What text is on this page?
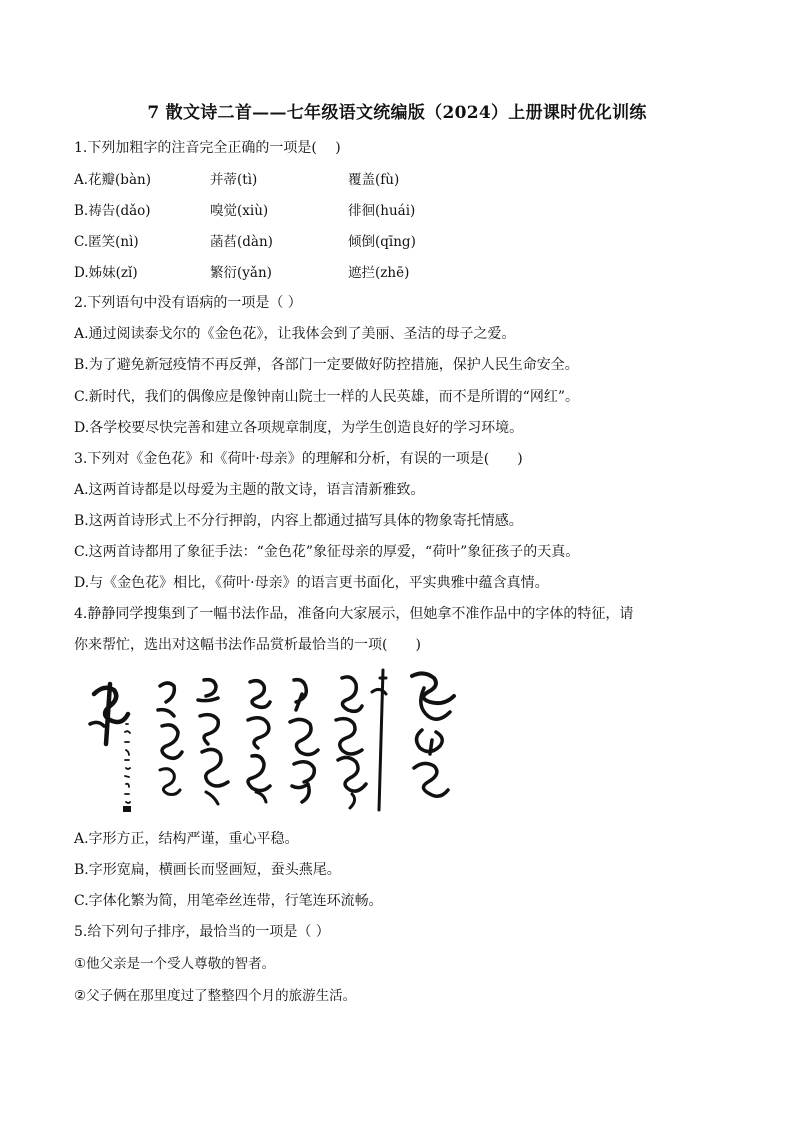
7 散文诗二首——七年级语文统编版（2024）上册课时优化训练
1.下列加粗字的注音完全正确的一项是(　 )
A.花瓣(bàn)	并蒂(tì)	覆盖(fù)
B.祷告(dǎo)	嗅觉(xiù)	徘徊(huái)
C.匿笑(nì)	菡萏(dàn)	倾倒(qīng)
D.姊妹(zǐ)	繁衍(yǎn)	遮拦(zhē)
2.下列语句中没有语病的一项是（ ）
A.通过阅读泰戈尔的《金色花》，让我体会到了美丽、圣洁的母子之爱。
B.为了避免新冠疫情不再反弹，各部门一定要做好防控措施，保护人民生命安全。
C.新时代，我们的偶像应是像钟南山院士一样的人民英雄，而不是所谓的“网红”。
D.各学校要尽快完善和建立各项规章制度，为学生创造良好的学习环境。
3.下列对《金色花》和《荷叶·母亲》的理解和分析，有误的一项是(　　)
A.这两首诗都是以母爱为主题的散文诗，语言清新雅致。
B.这两首诗形式上不分行押韵，内容上都通过描写具体的物象寄托情感。
C.这两首诗都用了象征手法：“金色花”象征母亲的厚爱，“荷叶”象征孩子的天真。
D.与《金色花》相比，《荷叶·母亲》的语言更书面化，平实典雅中蕴含真情。
4.静静同学搜集到了一幅书法作品，准备向大家展示，但她拿不准作品中的字体的特征，请
你来帮忙，选出对这幅书法作品赏析最恰当的一项(　　)
A.字形方正，结构严谨，重心平稳。
B.字形宽扁，横画长而竖画短，蚕头燕尾。
C.字体化繁为简，用笔牵丝连带，行笔连环流畅。
5.给下列句子排序，最恰当的一项是（ ）
①他父亲是一个受人尊敬的智者。
②父子俩在那里度过了整整四个月的旅游生活。
